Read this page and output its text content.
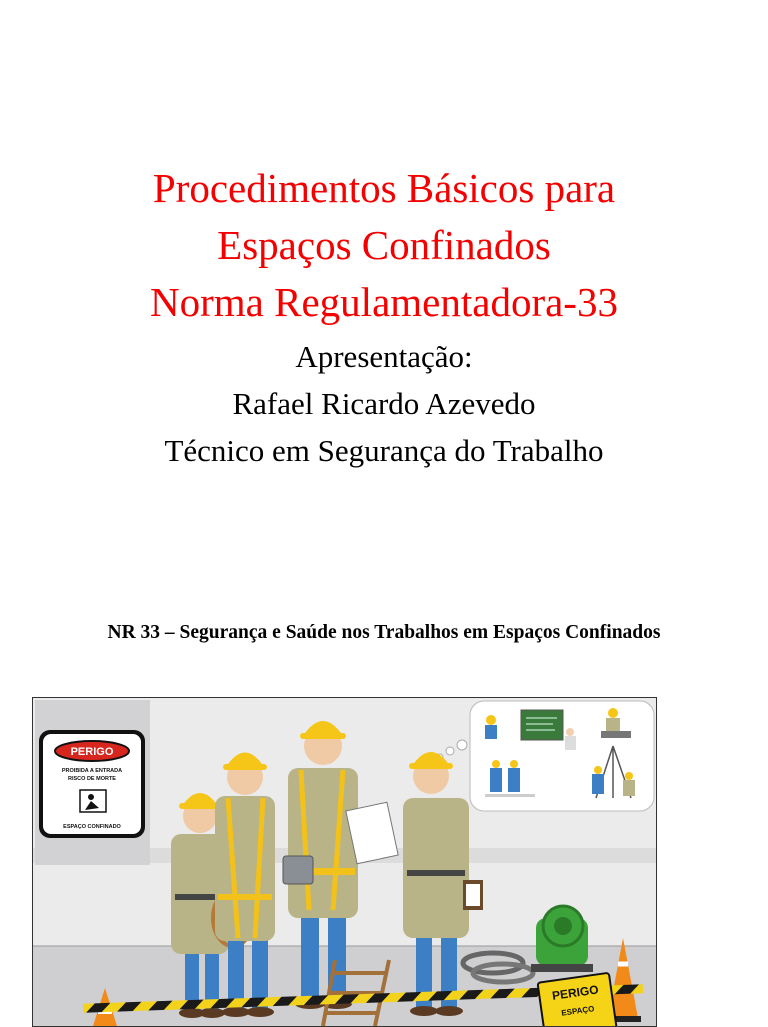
Procedimentos Básicos para
Espaços Confinados
Norma Regulamentadora-33
Apresentação:
Rafael Ricardo Azevedo
Técnico em Segurança do Trabalho
NR 33 – Segurança e Saúde nos Trabalhos em Espaços Confinados
PERIGO
PROIBIDA A ENTRADA
RISCO DE MORTE
ESPAÇO CONFINADO
PERIGO
ESPAÇO
